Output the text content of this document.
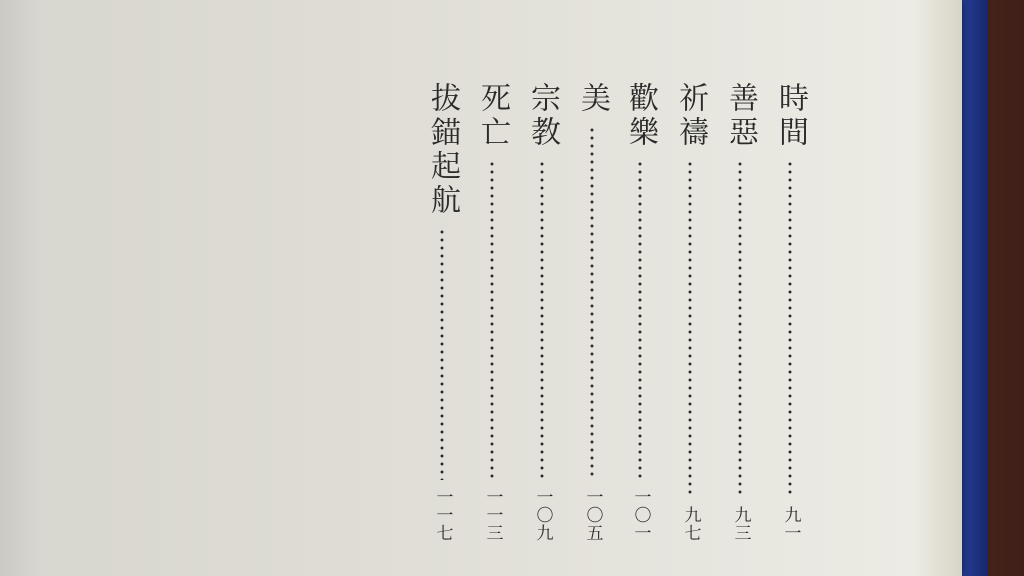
時間
九一
善惡
九三
祈禱
九七
歡樂
一〇一
美
一〇五
宗教
一〇九
死亡
一一三
拔錨起航
一一七
